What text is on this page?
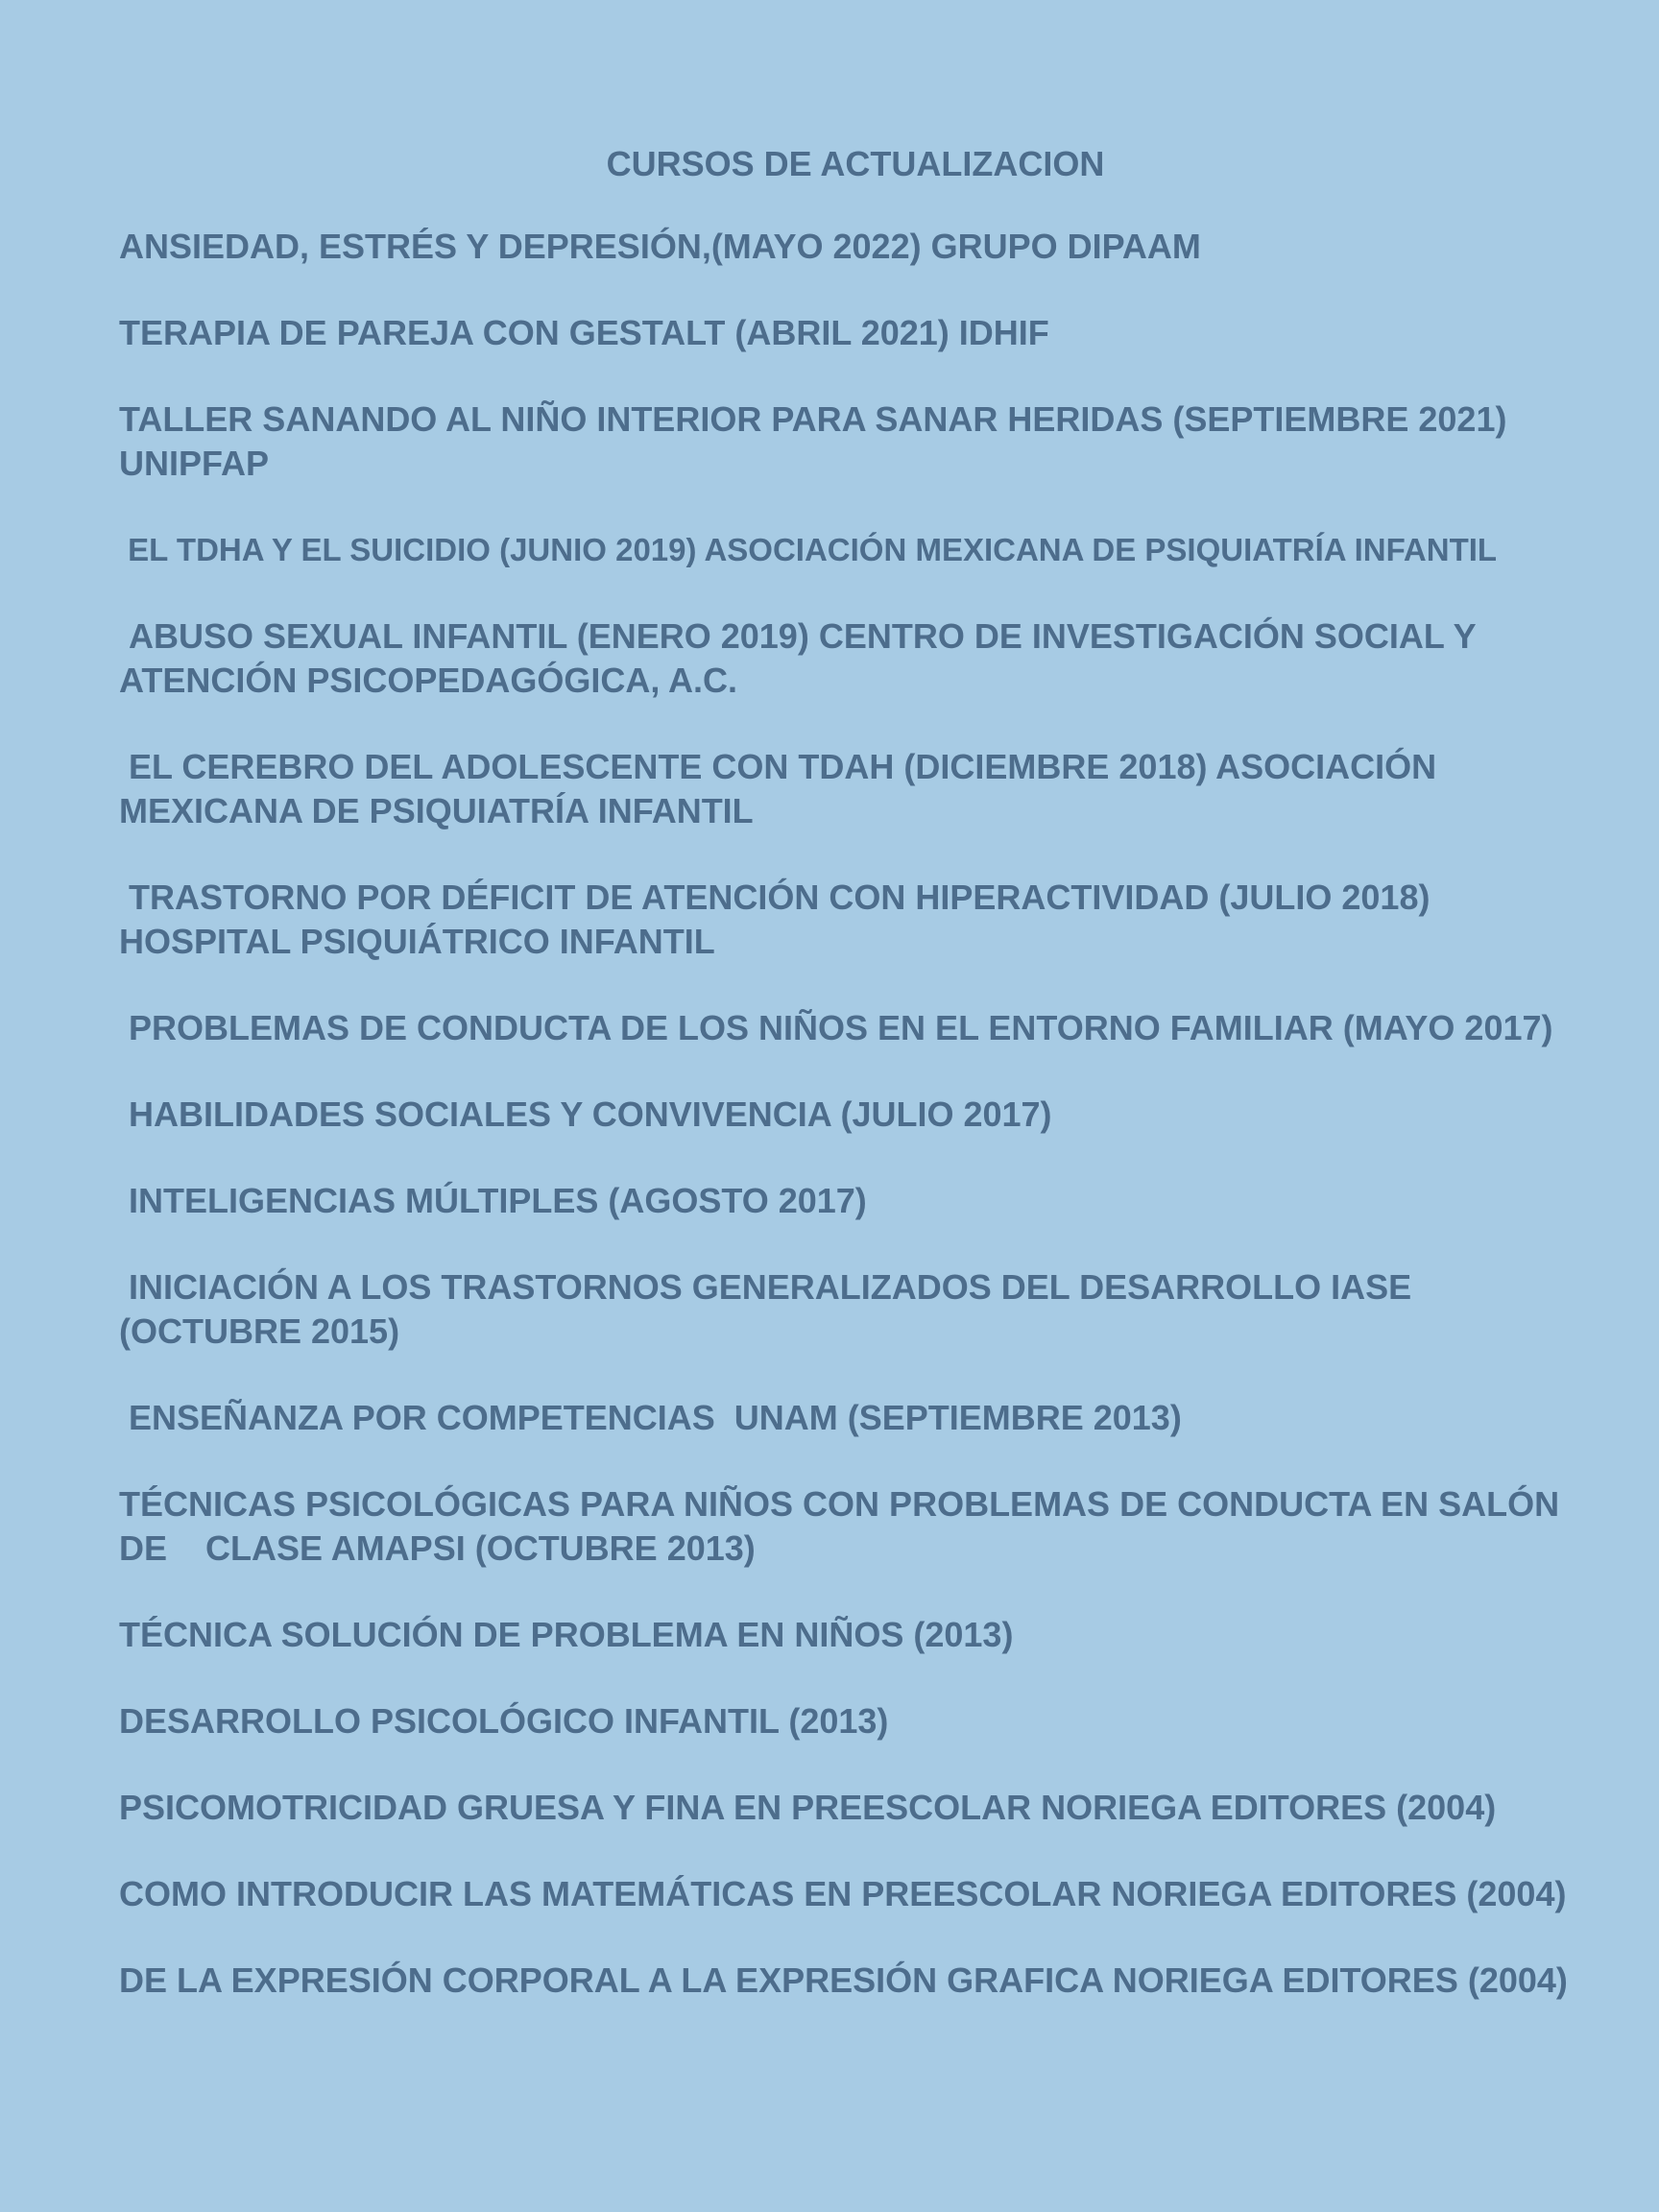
CURSOS DE ACTUALIZACION
ANSIEDAD, ESTRÉS Y DEPRESIÓN,(MAYO 2022) GRUPO DIPAAM
TERAPIA DE PAREJA CON GESTALT (ABRIL 2021) IDHIF
TALLER SANANDO AL NIÑO INTERIOR PARA SANAR HERIDAS (SEPTIEMBRE 2021) UNIPFAP
EL TDHA Y EL SUICIDIO (JUNIO 2019) ASOCIACIÓN MEXICANA DE PSIQUIATRÍA INFANTIL
ABUSO SEXUAL INFANTIL (ENERO 2019) CENTRO DE INVESTIGACIÓN SOCIAL Y ATENCIÓN PSICOPEDAGÓGICA, A.C.
EL CEREBRO DEL ADOLESCENTE CON TDAH (DICIEMBRE 2018) ASOCIACIÓN MEXICANA DE PSIQUIATRÍA INFANTIL
TRASTORNO POR DÉFICIT DE ATENCIÓN CON HIPERACTIVIDAD (JULIO 2018) HOSPITAL PSIQUIÁTRICO INFANTIL
PROBLEMAS DE CONDUCTA DE LOS NIÑOS EN EL ENTORNO FAMILIAR (MAYO 2017)
HABILIDADES SOCIALES Y CONVIVENCIA (JULIO 2017)
INTELIGENCIAS MÚLTIPLES (AGOSTO 2017)
INICIACIÓN A LOS TRASTORNOS GENERALIZADOS DEL DESARROLLO IASE (OCTUBRE 2015)
ENSEÑANZA POR COMPETENCIAS  UNAM (SEPTIEMBRE 2013)
TÉCNICAS PSICOLÓGICAS PARA NIÑOS CON PROBLEMAS DE CONDUCTA EN SALÓN DE    CLASE AMAPSI (OCTUBRE 2013)
TÉCNICA SOLUCIÓN DE PROBLEMA EN NIÑOS (2013)
DESARROLLO PSICOLÓGICO INFANTIL (2013)
PSICOMOTRICIDAD GRUESA Y FINA EN PREESCOLAR NORIEGA EDITORES (2004)
COMO INTRODUCIR LAS MATEMÁTICAS EN PREESCOLAR NORIEGA EDITORES (2004)
DE LA EXPRESIÓN CORPORAL A LA EXPRESIÓN GRAFICA NORIEGA EDITORES (2004)
